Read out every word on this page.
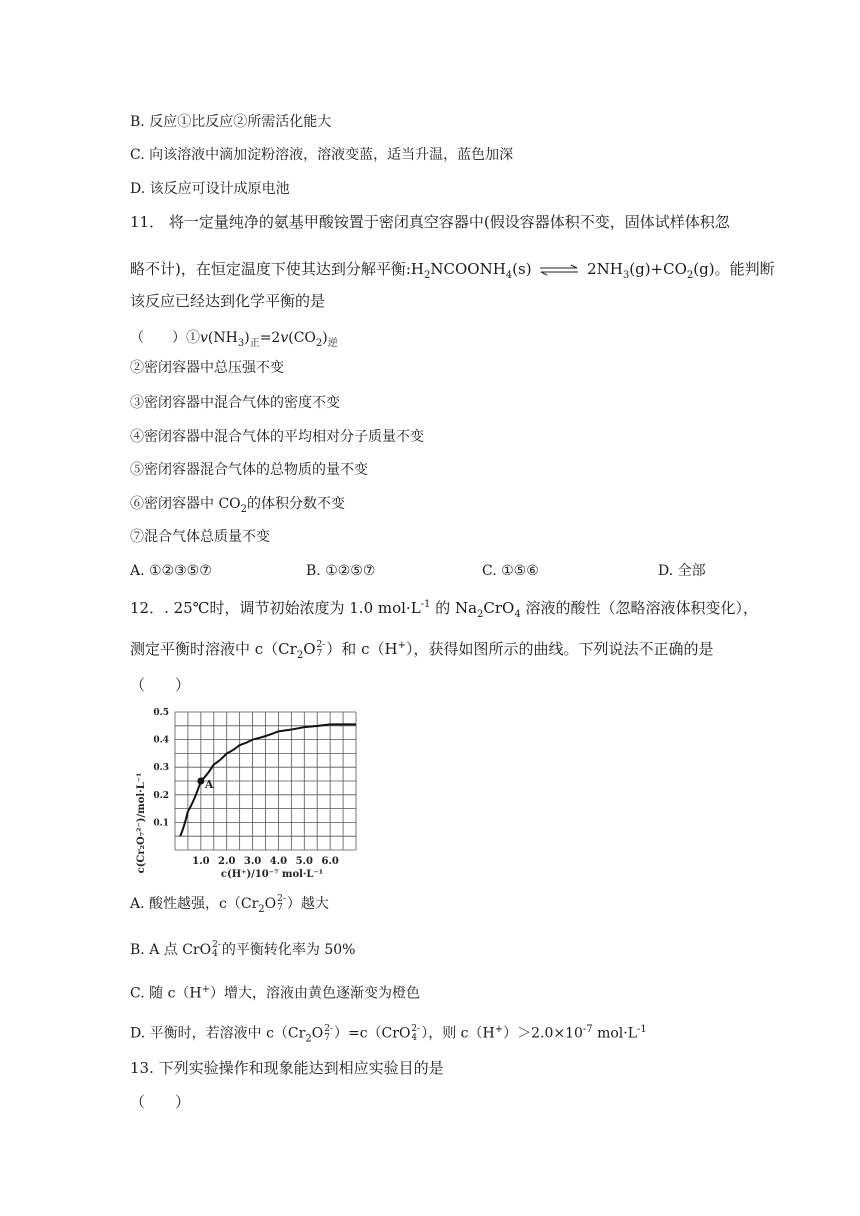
B. 反应①比反应②所需活化能大
C. 向该溶液中滴加淀粉溶液，溶液变蓝，适当升温，蓝色加深
D. 该反应可设计成原电池
11． 将一定量纯净的氨基甲酸铵置于密闭真空容器中(假设容器体积不变，固体试样体积忽
略不计)，在恒定温度下使其达到分解平衡$:H_2NCOONH_4(s)$ ⇌ $2NH_3(g)+CO_2(g)$。能判断
该反应已经达到化学平衡的是
（　　）$①v(NH_3)_正=2v(CO_2)_逆$
②密闭容器中总压强不变
③密闭容器中混合气体的密度不变
④密闭容器中混合气体的平均相对分子质量不变
⑤密闭容器混合气体的总物质的量不变
⑥密闭容器中 $CO_2$的体积分数不变
⑦混合气体总质量不变
A. ①②③⑤⑦	B. ①②⑤⑦	C. ①⑤⑥	D. 全部
12．. 25℃时，调节初始浓度为 1.0 $mol\cdot L^{-1}$ 的 $Na_2CrO_4$ 溶液的酸性（忽略溶液体积变化），
测定平衡时溶液中 $c(Cr_2O$ 2-
7 ）和 c（H+），获得如图所示的曲线。下列说法不正确的是
（　　）
1.0 2.0 3.0 4.0 5.0 6.0
0.1
0.2
0.3
0.4
0.5
A
c(Cr₂O₇²⁻)/mol·L⁻¹
c(H⁺)/10⁻⁷ mol·L⁻¹
A. 酸性越强，$c(Cr_2O$ 2-
7 ）越大
B. A 点 CrO 2-
4 的平衡转化率为 50%
C. 随 c（H+）增大，溶液由黄色逐渐变为橙色
D. 平衡时，若溶液中 $c(Cr_2O$ 2-
7 ）=c（CrO 2-
4 ），则 $c(H^+)>2.0\times 10^{-7}$ $mol\cdot L^{-1}$
13. 下列实验操作和现象能达到相应实验目的是
（　　）
